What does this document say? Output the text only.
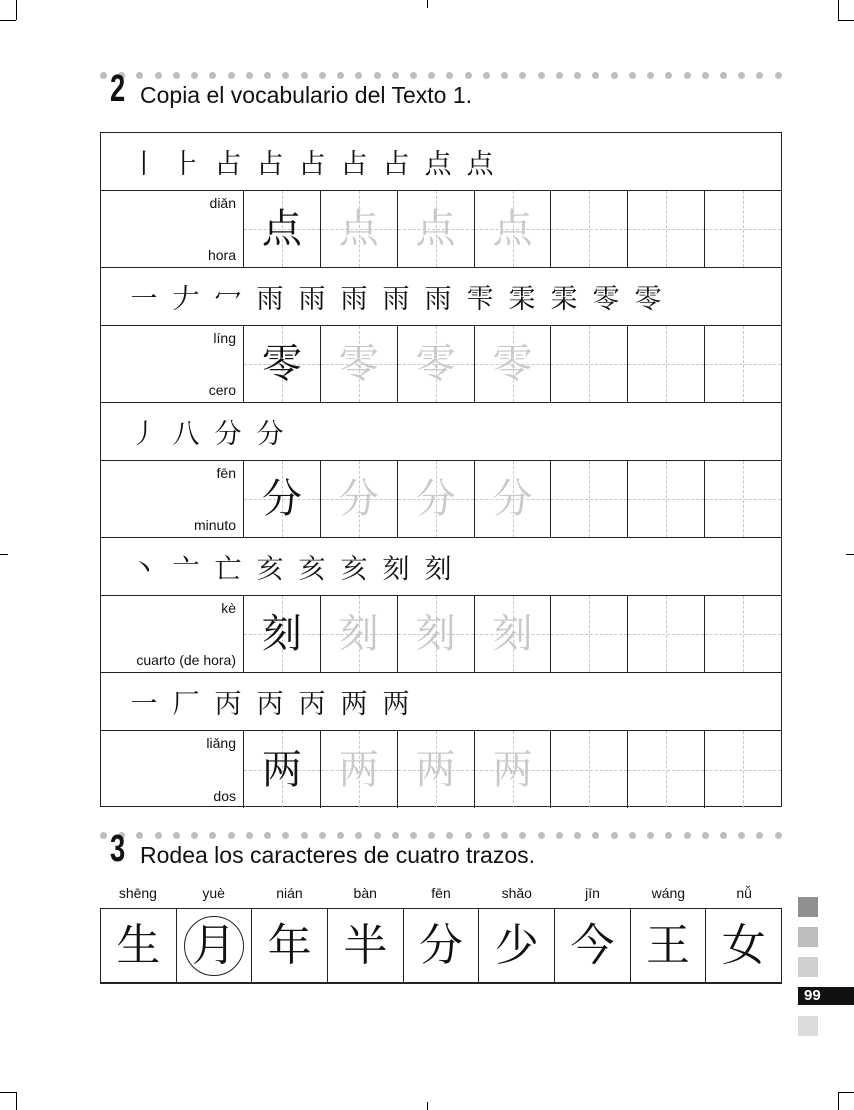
2 Copia el vocabulario del Texto 1.
丨 ⺊ 占 占 占 占 占 点 点
diǎn
hora
点 点 点 点
一 𠂇 冖 雨 雨 雨 雨 雨 雫 雬 雬 零 零
líng
cero
零 零 零 零
丿 八 分 分
fēn
minuto
分 分 分 分
丶 亠 亡 亥 亥 亥 刻 刻
kè
cuarto (de hora)
刻 刻 刻 刻
一 厂 丙 丙 丙 两 两
liǎng
dos
两 两 两 两
3 Rodea los caracteres de cuatro trazos.
shēng	yuè	nián	bàn	fēn	shǎo	jīn	wáng	nǚ
生 月 年 半 分 少 今 王 女
99
